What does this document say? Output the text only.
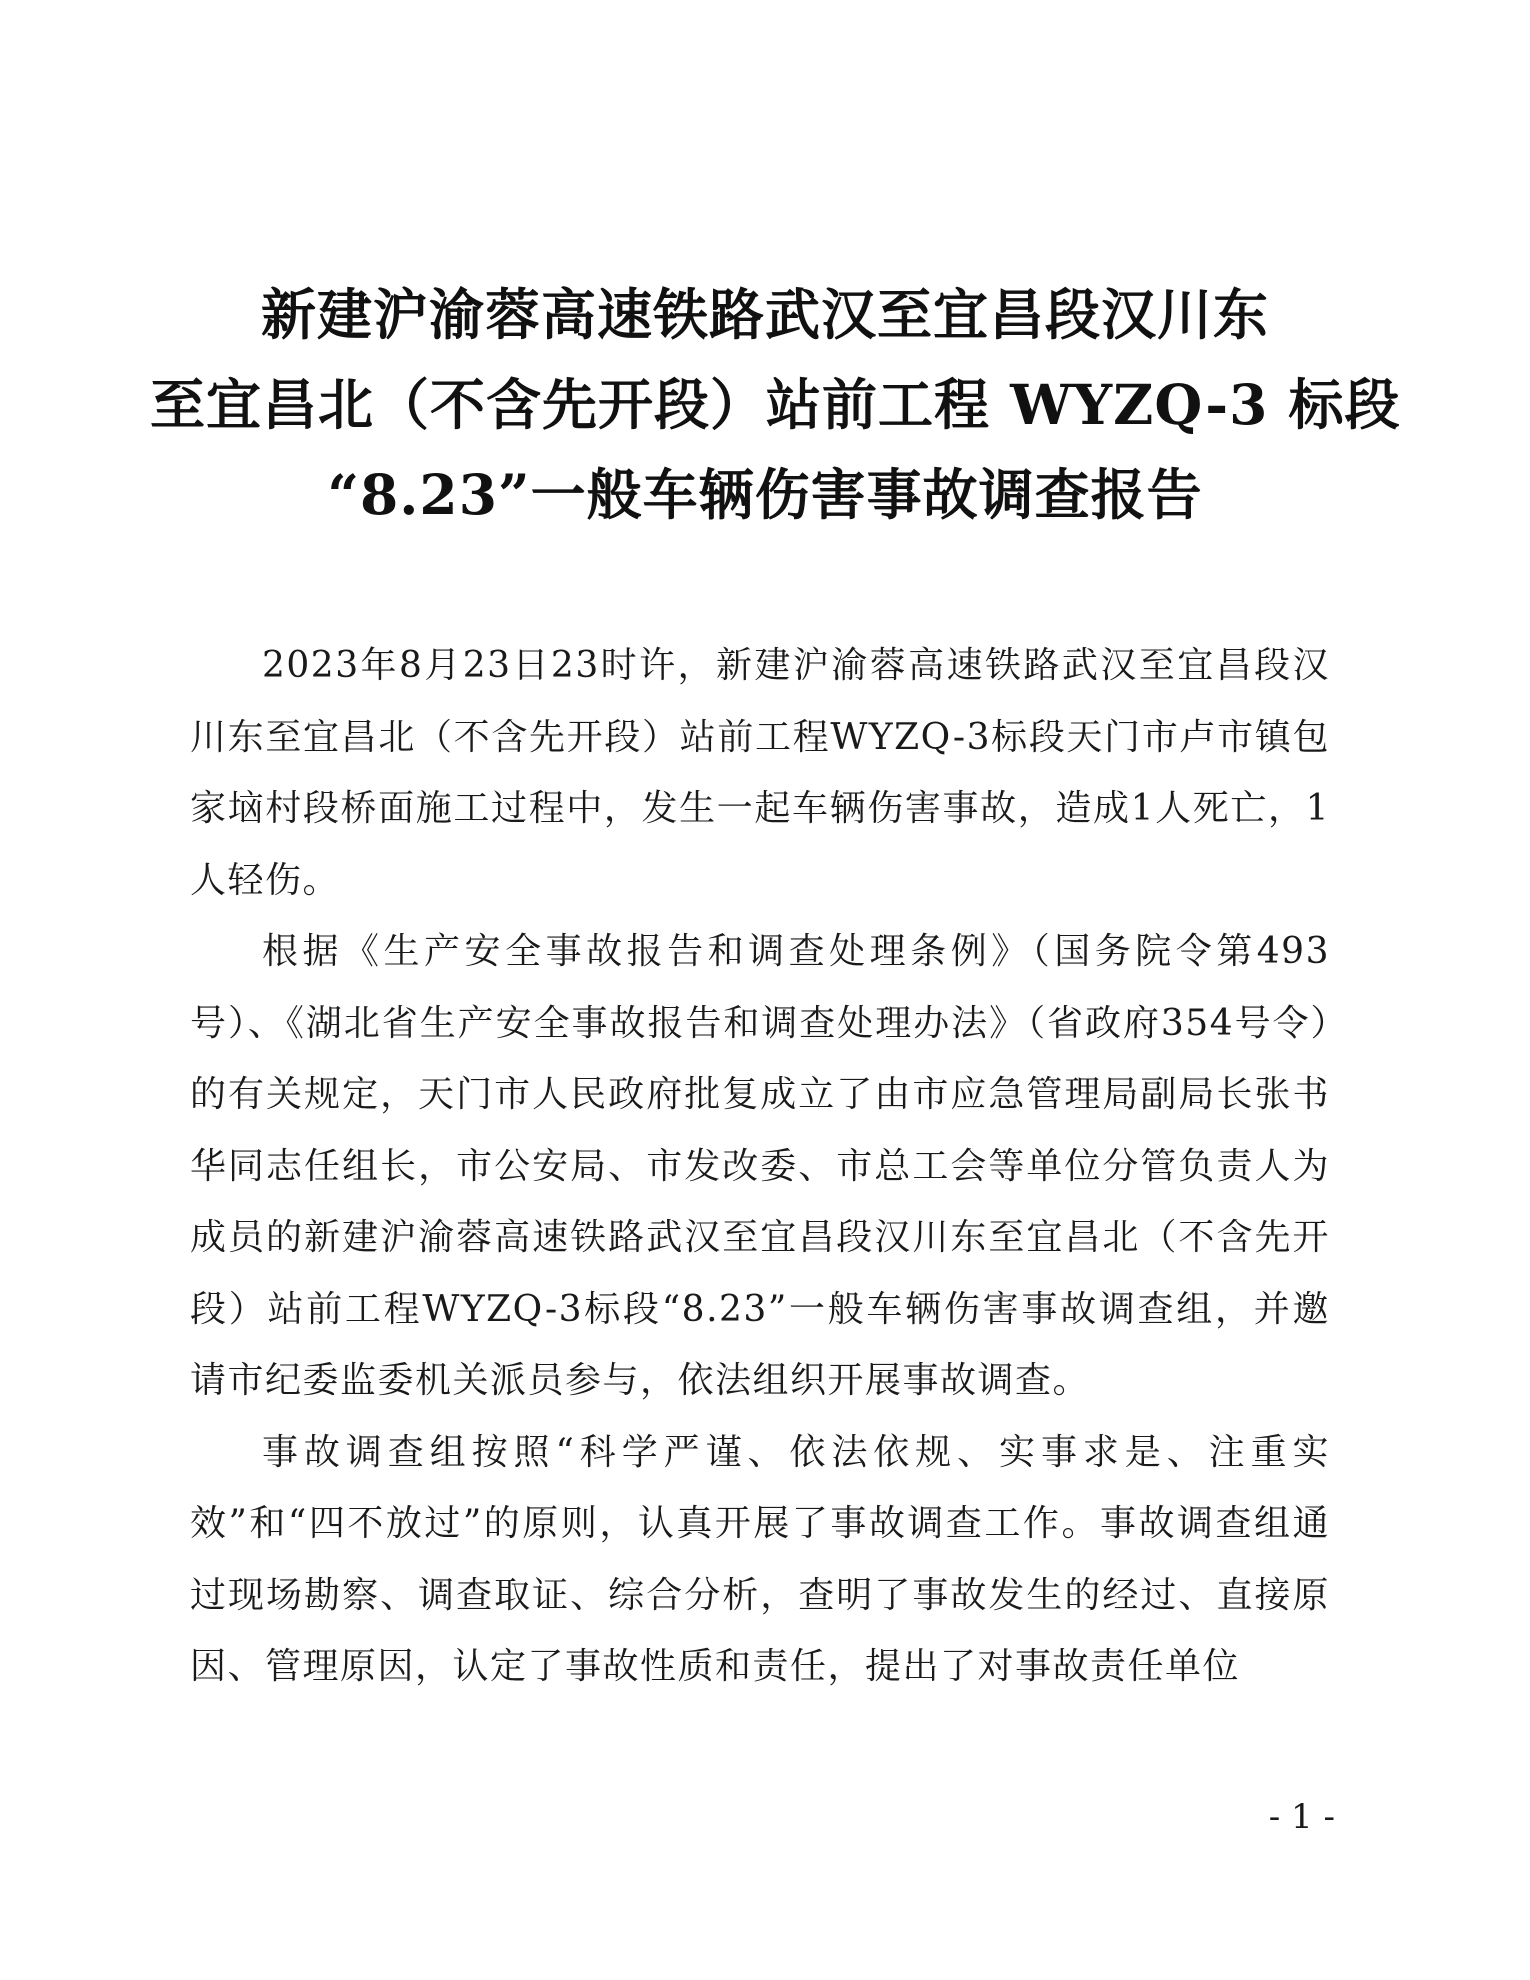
新建沪渝蓉高速铁路武汉至宜昌段汉川东
至宜昌北（不含先开段）站前工程 WYZQ-3 标段
“8.23”一般车辆伤害事故调查报告

2023年8月23日23时许，新建沪渝蓉高速铁路武汉至宜昌段汉川东至宜昌北（不含先开段）站前工程WYZQ-3标段天门市卢市镇包家垴村段桥面施工过程中，发生一起车辆伤害事故，造成1人死亡，1人轻伤。

根据《生产安全事故报告和调查处理条例》（国务院令第493号）、《湖北省生产安全事故报告和调查处理办法》（省政府354号令）的有关规定，天门市人民政府批复成立了由市应急管理局副局长张书华同志任组长，市公安局、市发改委、市总工会等单位分管负责人为成员的新建沪渝蓉高速铁路武汉至宜昌段汉川东至宜昌北（不含先开段）站前工程WYZQ-3标段“8.23”一般车辆伤害事故调查组，并邀请市纪委监委机关派员参与，依法组织开展事故调查。

事故调查组按照“科学严谨、依法依规、实事求是、注重实效”和“四不放过”的原则，认真开展了事故调查工作。事故调查组通过现场勘察、调查取证、综合分析，查明了事故发生的经过、直接原因、管理原因，认定了事故性质和责任，提出了对事故责任单位

- 1 -
